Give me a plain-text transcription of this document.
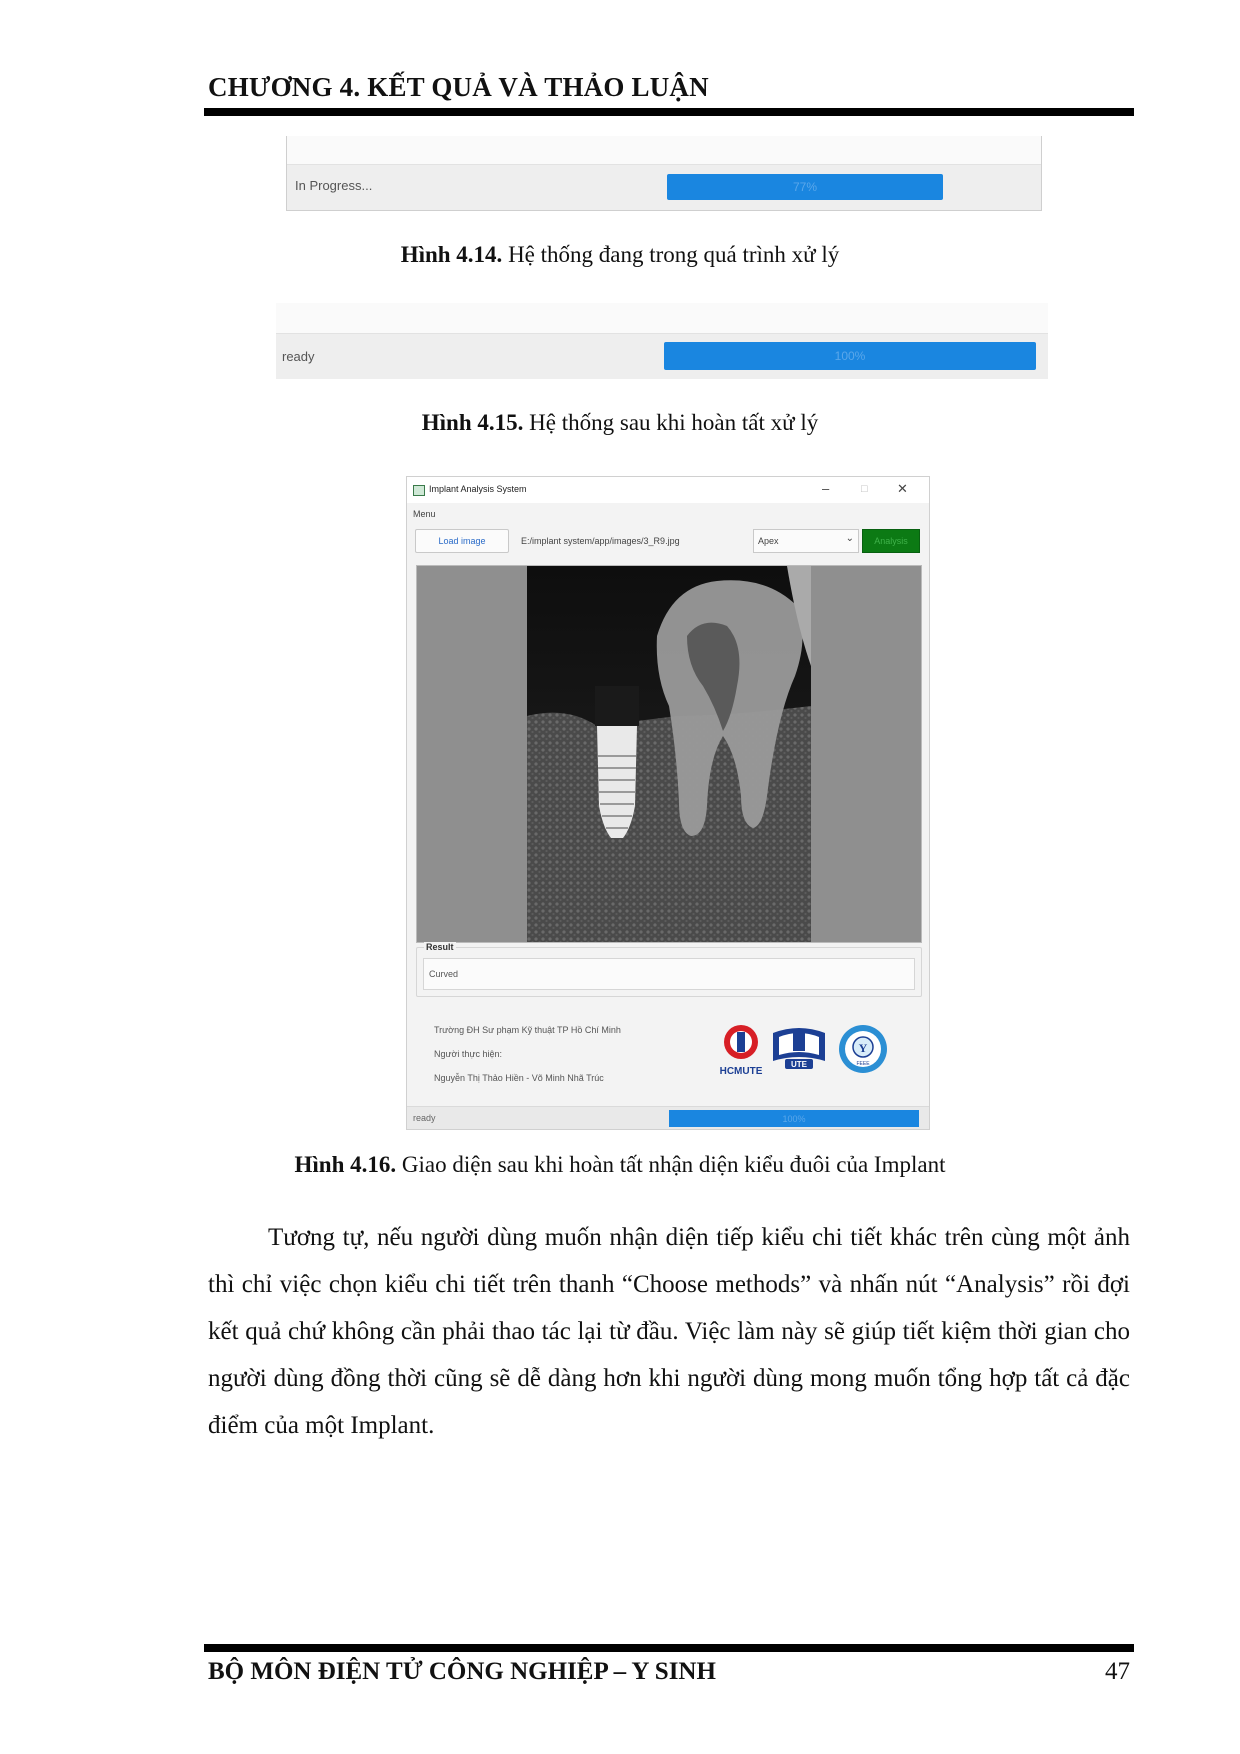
CHƯƠNG 4. KẾT QUẢ VÀ THẢO LUẬN
In Progress...	77%
Hình 4.14. Hệ thống đang trong quá trình xử lý
ready	100%
Hình 4.15. Hệ thống sau khi hoàn tất xử lý
Implant Analysis System	–	□ ✕
Menu
Load image	E:/implant system/app/images/3_R9.jpg	Apex	⌄	Analysis
Result
Curved
Trường ĐH Sư phạm Kỹ thuật TP Hồ Chí Minh
Người thực hiện:
Nguyễn Thị Thảo Hiền - Võ Minh Nhã Trúc
HCMUTE
UTE
Y
FEEE
ready	100%
Hình 4.16. Giao diện sau khi hoàn tất nhận diện kiểu đuôi của Implant

Tương tự, nếu người dùng muốn nhận diện tiếp kiểu chi tiết khác trên cùng một ảnh thì chỉ việc chọn kiểu chi tiết trên thanh “Choose methods” và nhấn nút “Analysis” rồi đợi kết quả chứ không cần phải thao tác lại từ đầu. Việc làm này sẽ giúp tiết kiệm thời gian cho người dùng đồng thời cũng sẽ dễ dàng hơn khi người dùng mong muốn tổng hợp tất cả đặc điểm của một Implant.

BỘ MÔN ĐIỆN TỬ CÔNG NGHIỆP – Y SINH	47
